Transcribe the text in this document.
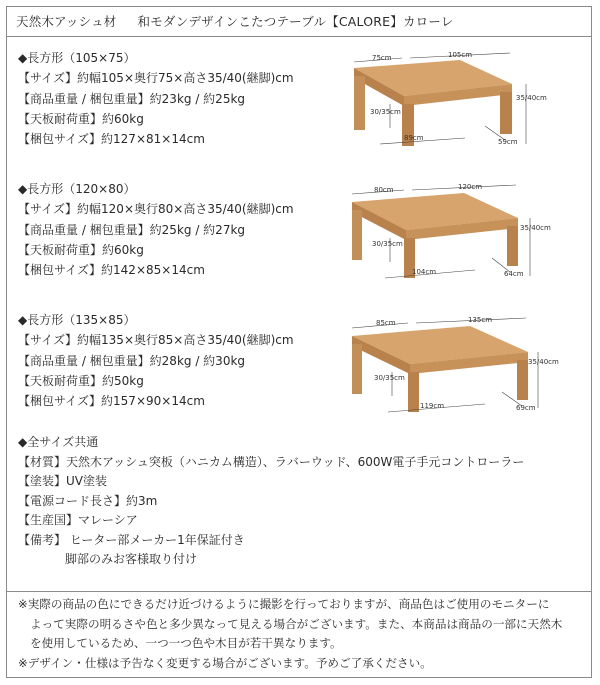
天然木アッシュ材　 和モダンデザインこたつテーブル【CALORE】カローレ
◆長方形（105×75）
【サイズ】約幅105×奥行75×高さ35/40(継脚)cm
【商品重量 / 梱包重量】約23kg / 約25kg
【天板耐荷重】約60kg
【梱包サイズ】約127×81×14cm
◆長方形（120×80）
【サイズ】約幅120×奥行80×高さ35/40(継脚)cm
【商品重量 / 梱包重量】約25kg / 約27kg
【天板耐荷重】約60kg
【梱包サイズ】約142×85×14cm
◆長方形（135×85）
【サイズ】約幅135×奥行85×高さ35/40(継脚)cm
【商品重量 / 梱包重量】約28kg / 約30kg
【天板耐荷重】約50kg
【梱包サイズ】約157×90×14cm
75cm	105cm
35/40cm
30/35cm
89cm	59cm
80cm	120cm
35/40cm
30/35cm
104cm	64cm
85cm	135cm
35/40cm
30/35cm
119cm	69cm
◆全サイズ共通
【材質】天然木アッシュ突板（ハニカム構造）、ラバーウッド、600W電子手元コントローラー
【塗装】UV塗装
【電源コード長さ】約3m
【生産国】マレーシア
【備考】 ヒーター部メーカー1年保証付き
脚部のみお客様取り付け
※実際の商品の色にできるだけ近づけるように撮影を行っておりますが、商品色はご使用のモニターに
よって実際の明るさや色と多少異なって見える場合がございます。また、本商品は商品の一部に天然木
を使用しているため、一つ一つ色や木目が若干異なります。
※デザイン・仕様は予告なく変更する場合がございます。予めご了承ください。
